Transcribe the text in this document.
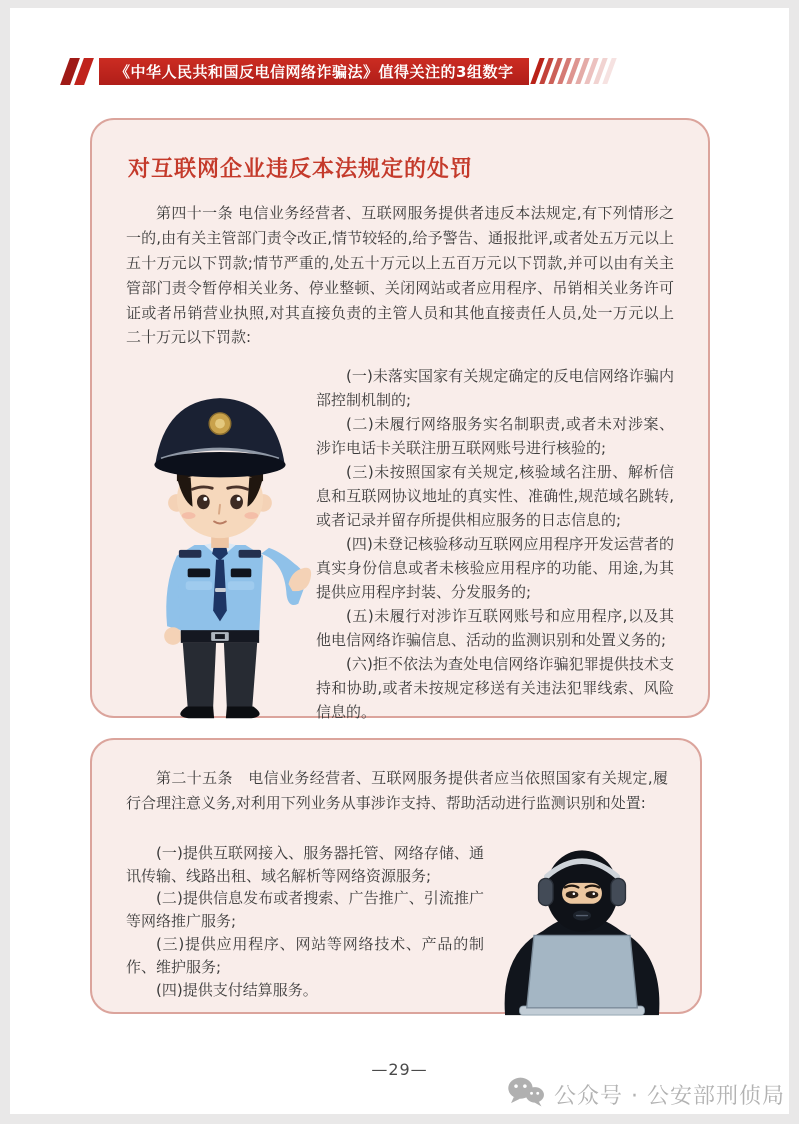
《中华人民共和国反电信网络诈骗法》值得关注的3组数字
对互联网企业违反本法规定的处罚

第四十一条 电信业务经营者、互联网服务提供者违反本法规定,有下列情形之一的,由有关主管部门责令改正,情节较轻的,给予警告、通报批评,或者处五万元以上五十万元以下罚款;情节严重的,处五十万元以上五百万元以下罚款,并可以由有关主管部门责令暂停相关业务、停业整顿、关闭网站或者应用程序、吊销相关业务许可证或者吊销营业执照,对其直接负责的主管人员和其他直接责任人员,处一万元以上二十万元以下罚款:

(一)未落实国家有关规定确定的反电信网络诈骗内部控制机制的;

(二)未履行网络服务实名制职责,或者未对涉案、涉诈电话卡关联注册互联网账号进行核验的;

(三)未按照国家有关规定,核验域名注册、解析信息和互联网协议地址的真实性、准确性,规范域名跳转,或者记录并留存所提供相应服务的日志信息的;

(四)未登记核验移动互联网应用程序开发运营者的真实身份信息或者未核验应用程序的功能、用途,为其提供应用程序封装、分发服务的;

(五)未履行对涉诈互联网账号和应用程序,以及其他电信网络诈骗信息、活动的监测识别和处置义务的;

(六)拒不依法为查处电信网络诈骗犯罪提供技术支持和协助,或者未按规定移送有关违法犯罪线索、风险信息的。

第二十五条　电信业务经营者、互联网服务提供者应当依照国家有关规定,履行合理注意义务,对利用下列业务从事涉诈支持、帮助活动进行监测识别和处置:

(一)提供互联网接入、服务器托管、网络存储、通讯传输、线路出租、域名解析等网络资源服务;

(二)提供信息发布或者搜索、广告推广、引流推广等网络推广服务;

(三)提供应用程序、网站等网络技术、产品的制作、维护服务;

(四)提供支付结算服务。

—29—
公众号 · 公安部刑侦局
